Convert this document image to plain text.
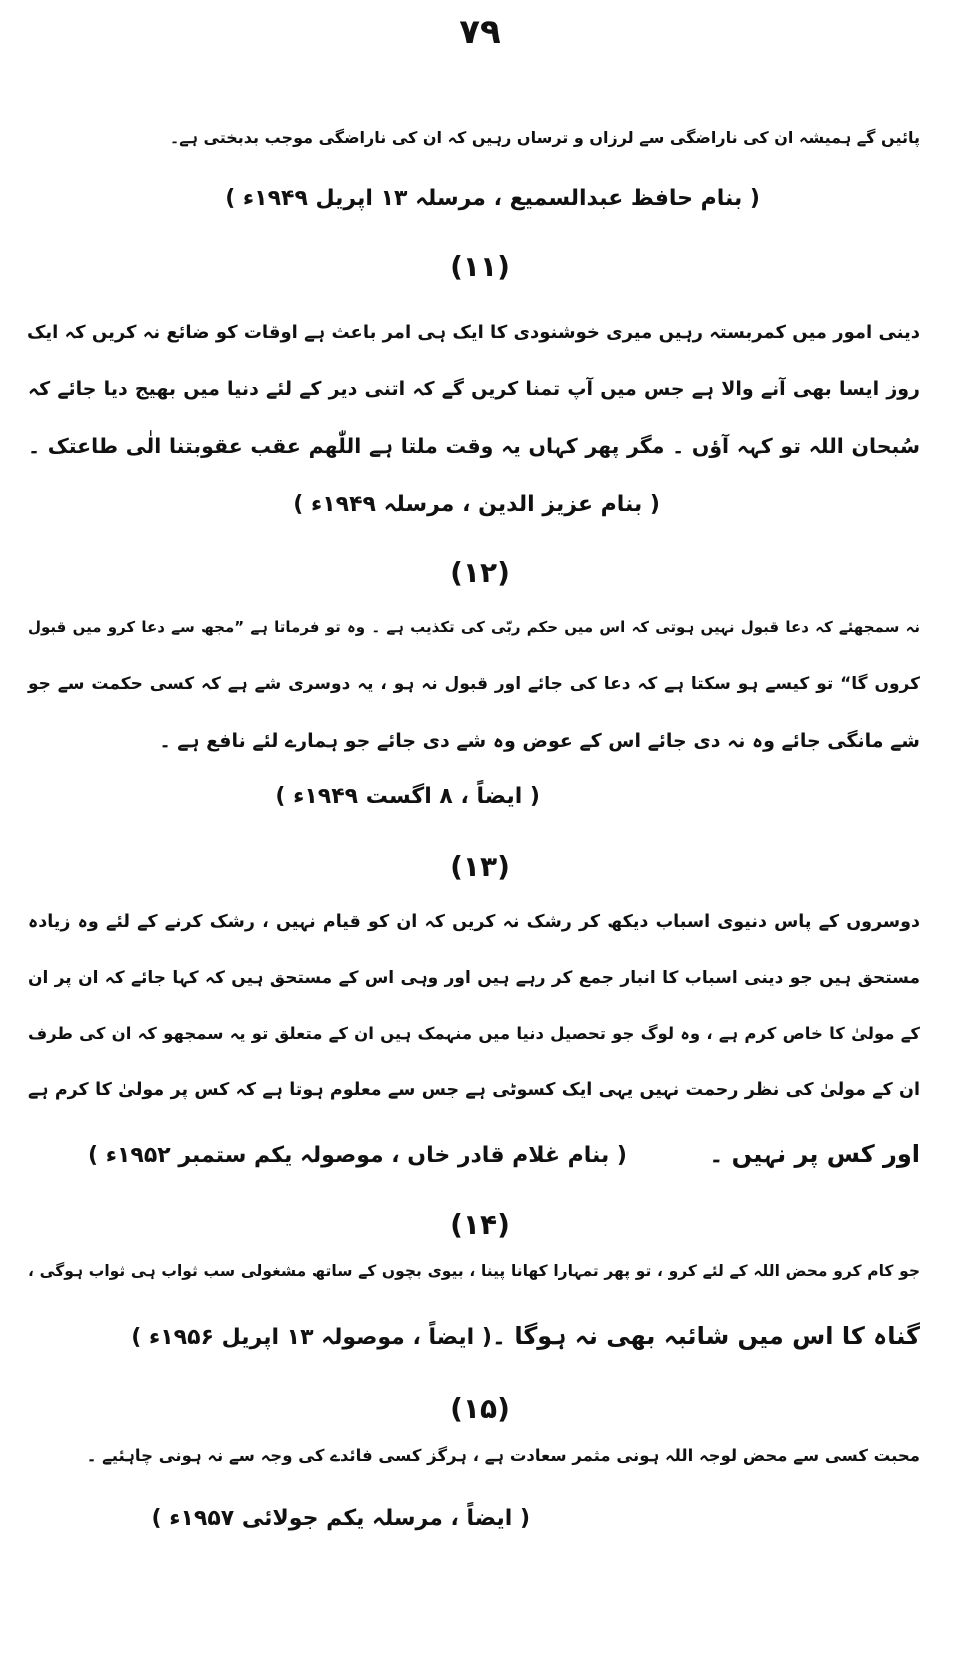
۷۹
پائیں گے ہمیشہ ان کی ناراضگی سے لرزاں و ترساں رہیں کہ ان کی ناراضگی موجب بدبختی ہے۔
( بنام حافظ عبدالسمیع ، مرسلہ ۱۳ اپریل ۱۹۴۹ء )
(۱۱)
دینی امور میں کمربستہ رہیں میری خوشنودی کا ایک ہی امر باعث ہے اوقات کو ضائع نہ کریں کہ ایک
روز ایسا بھی آنے والا ہے جس میں آپ تمنا کریں گے کہ اتنی دیر کے لئے دنیا میں بھیج دیا جائے کہ
سُبحان اللہ تو کہہ آؤں ۔ مگر پھر کہاں یہ وقت ملتا ہے اللّٰھم عقب عقوبتنا الٰی طاعتک ۔
( بنام عزیز الدین ، مرسلہ ۱۹۴۹ء )
(۱۲)
نہ سمجھئے کہ دعا قبول نہیں ہوتی کہ اس میں حکم ربّی کی تکذیب ہے ۔ وہ تو فرماتا ہے ”مجھ سے دعا کرو میں قبول
کروں گا“ تو کیسے ہو سکتا ہے کہ دعا کی جائے اور قبول نہ ہو ، یہ دوسری شے ہے کہ کسی حکمت سے جو
شے مانگی جائے وہ نہ دی جائے اس کے عوض وہ شے دی جائے جو ہمارے لئے نافع ہے ۔
( ایضاً ، ۸ اگست ۱۹۴۹ء )
(۱۳)
دوسروں کے پاس دنیوی اسباب دیکھ کر رشک نہ کریں کہ ان کو قیام نہیں ، رشک کرنے کے لئے وہ زیادہ
مستحق ہیں جو دینی اسباب کا انبار جمع کر رہے ہیں اور وہی اس کے مستحق ہیں کہ کہا جائے کہ ان پر ان
کے مولیٰ کا خاص کرم ہے ، وہ لوگ جو تحصیل دنیا میں منہمک ہیں ان کے متعلق تو یہ سمجھو کہ ان کی طرف
ان کے مولیٰ کی نظر رحمت نہیں یہی ایک کسوٹی ہے جس سے معلوم ہوتا ہے کہ کس پر مولیٰ کا کرم ہے
اور کس پر نہیں ۔
( بنام غلام قادر خاں ، موصولہ یکم ستمبر ۱۹۵۲ء )
(۱۴)
جو کام کرو محض اللہ کے لئے کرو ، تو پھر تمہارا کھانا پینا ، بیوی بچوں کے ساتھ مشغولی سب ثواب ہی ثواب ہوگی ،
گناہ کا اس میں شائبہ بھی نہ ہوگا ۔
( ایضاً ، موصولہ ۱۳ اپریل ۱۹۵۶ء )
(۱۵)
محبت کسی سے محض لوجہ اللہ ہونی مثمر سعادت ہے ، ہرگز کسی فائدے کی وجہ سے نہ ہونی چاہئیے ۔
( ایضاً ، مرسلہ یکم جولائی ۱۹۵۷ء )
